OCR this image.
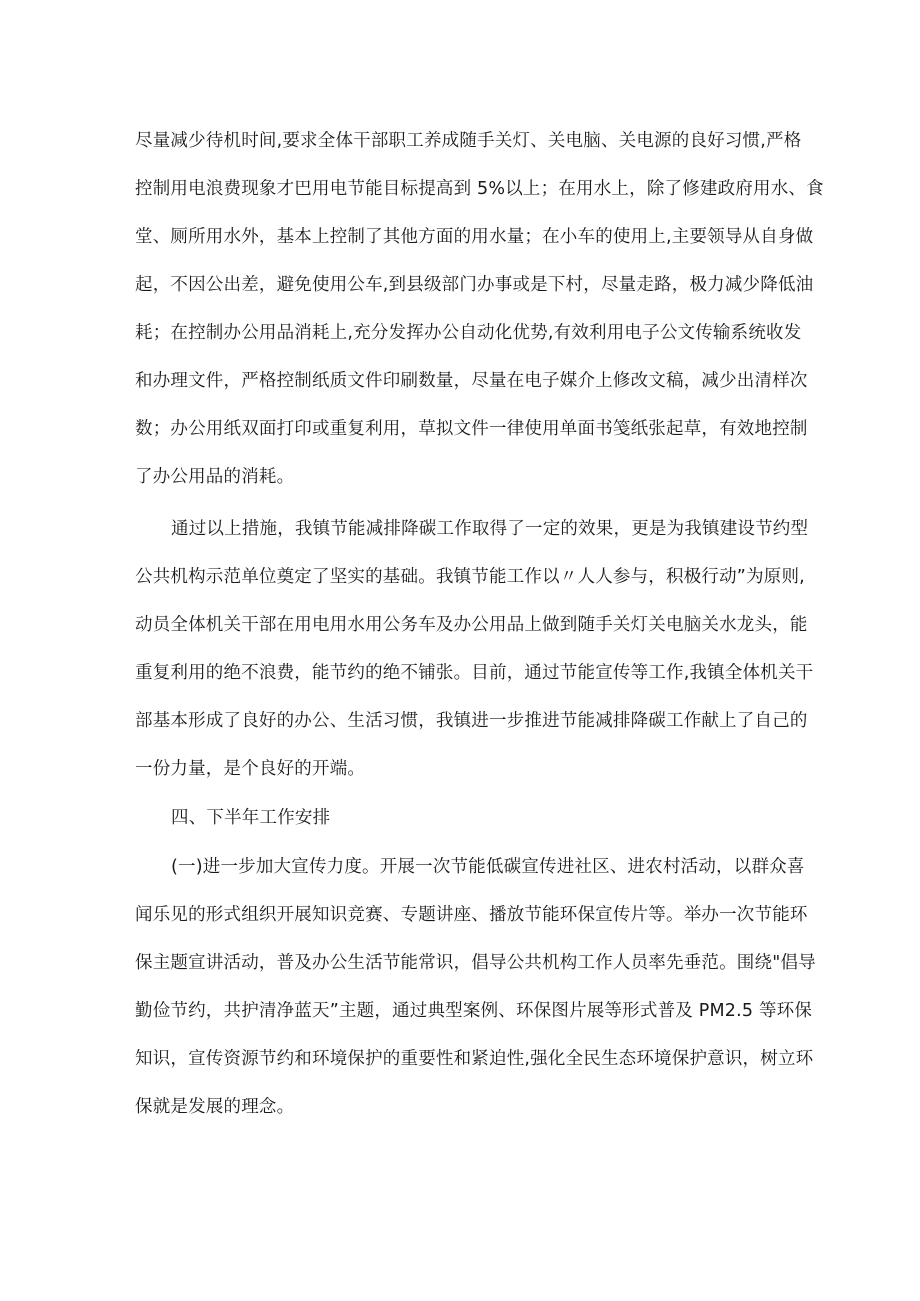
尽量减少待机时间,要求全体干部职工养成随手关灯、关电脑、关电源的良好习惯,严格
控制用电浪费现象才巴用电节能目标提高到 5%以上；在用水上，除了修建政府用水、食
堂、厕所用水外，基本上控制了其他方面的用水量；在小车的使用上,主要领导从自身做
起，不因公出差，避免使用公车,到县级部门办事或是下村，尽量走路，极力减少降低油
耗；在控制办公用品消耗上,充分发挥办公自动化优势,有效利用电子公文传输系统收发
和办理文件，严格控制纸质文件印刷数量，尽量在电子媒介上修改文稿，减少出清样次
数；办公用纸双面打印或重复利用，草拟文件一律使用单面书笺纸张起草，有效地控制
了办公用品的消耗。
通过以上措施，我镇节能减排降碳工作取得了一定的效果，更是为我镇建设节约型
公共机构示范单位奠定了坚实的基础。我镇节能工作以〃人人参与，积极行动”为原则,
动员全体机关干部在用电用水用公务车及办公用品上做到随手关灯关电脑关水龙头，能
重复利用的绝不浪费，能节约的绝不铺张。目前，通过节能宣传等工作,我镇全体机关干
部基本形成了良好的办公、生活习惯，我镇进一步推进节能减排降碳工作献上了自己的
一份力量，是个良好的开端。
四、下半年工作安排
(一)进一步加大宣传力度。开展一次节能低碳宣传进社区、进农村活动，以群众喜
闻乐见的形式组织开展知识竞赛、专题讲座、播放节能环保宣传片等。举办一次节能环
保主题宣讲活动，普及办公生活节能常识，倡导公共机构工作人员率先垂范。围绕"倡导
勤俭节约，共护清净蓝天”主题，通过典型案例、环保图片展等形式普及 PM2.5 等环保
知识，宣传资源节约和环境保护的重要性和紧迫性,强化全民生态环境保护意识，树立环
保就是发展的理念。
